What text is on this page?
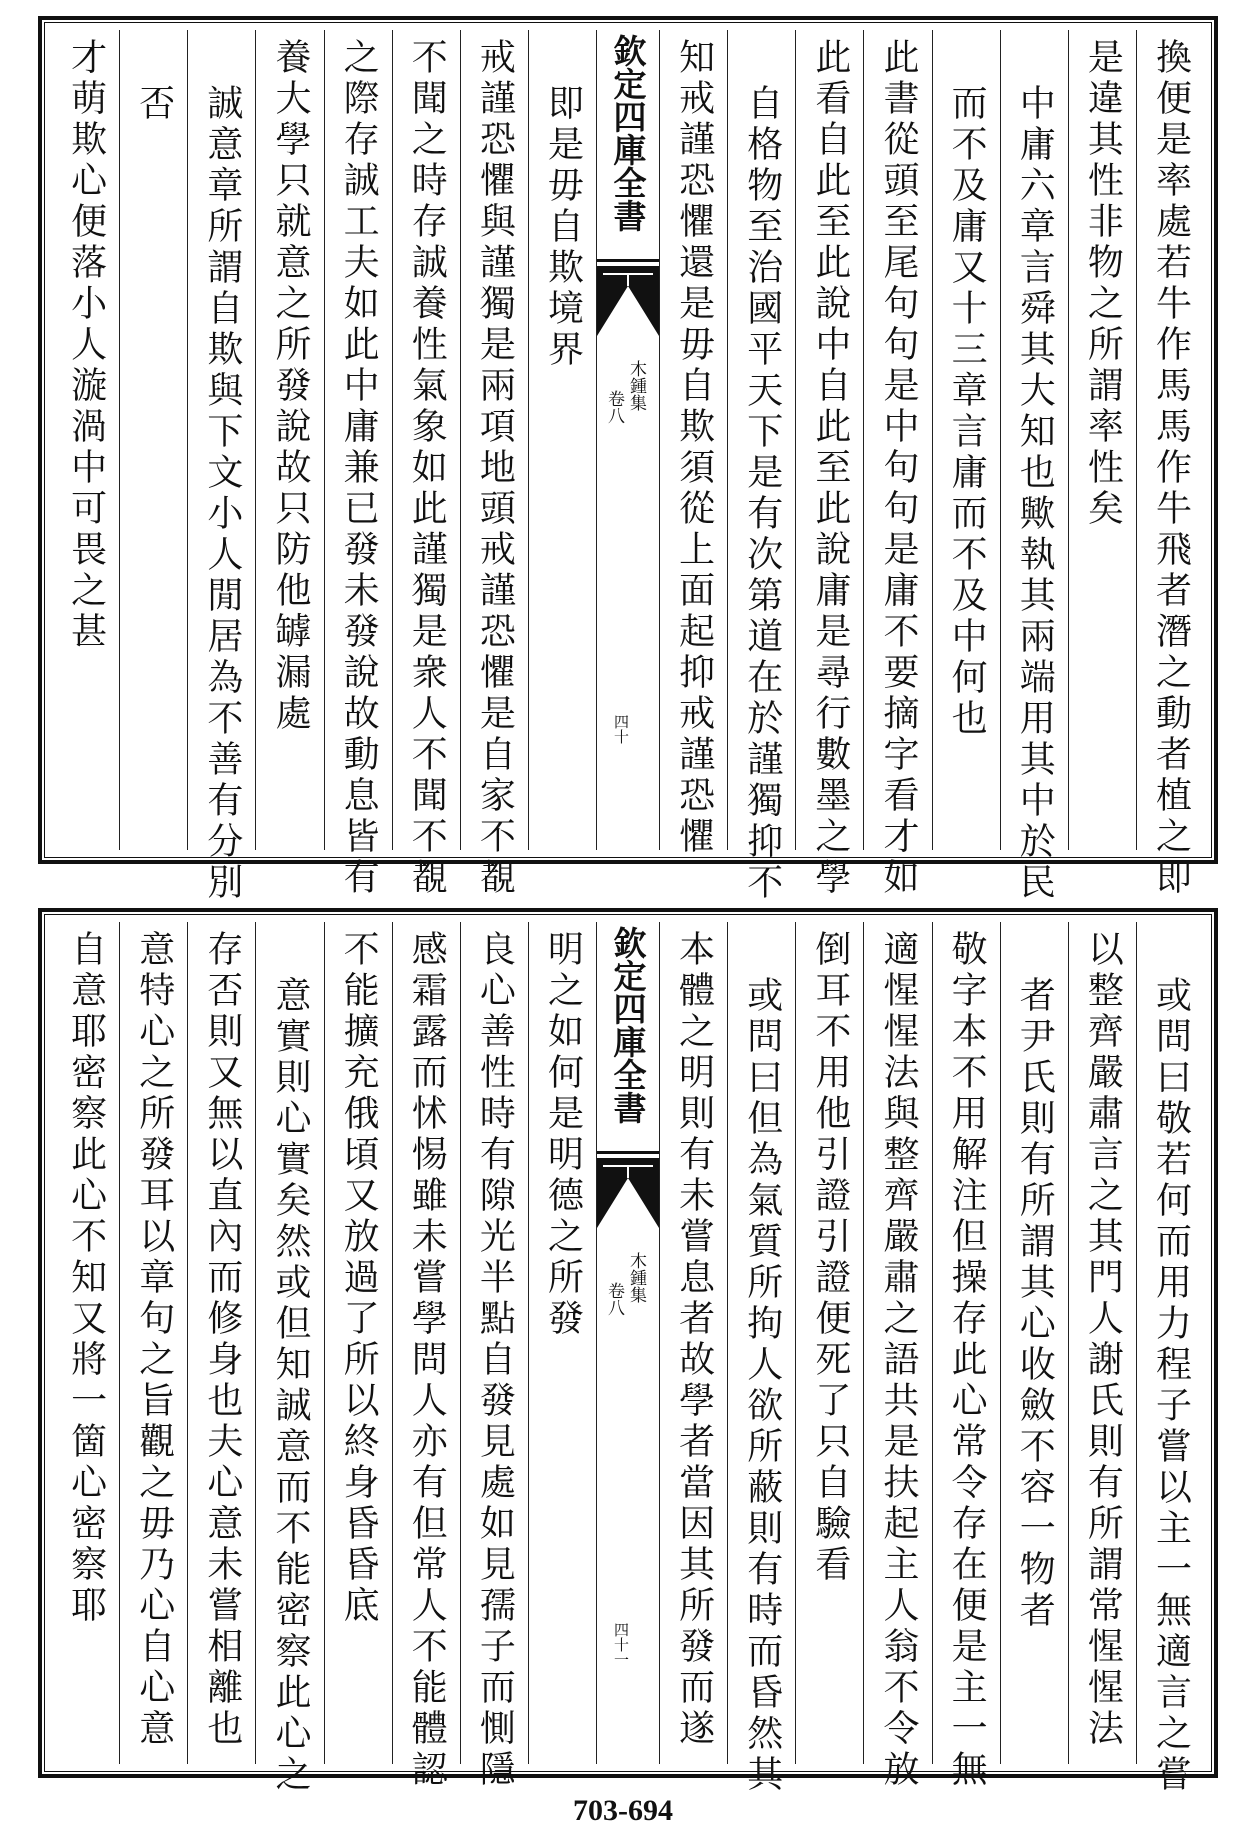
換便是率處若牛作馬馬作牛飛者潛之動者植之即
是違其性非物之所謂率性矣
中庸六章言舜其大知也歟執其兩端用其中於民
而不及庸又十三章言庸而不及中何也
此書從頭至尾句句是中句句是庸不要摘字看才如
此看自此至此說中自此至此說庸是尋行數墨之學
自格物至治國平天下是有次第道在於謹獨抑不
知戒謹恐懼還是毋自欺須從上面起抑戒謹恐懼
欽定四庫全書
木鍾集
卷八
四十
即是毋自欺境界
戒謹恐懼與謹獨是兩項地頭戒謹恐懼是自家不覩
不聞之時存誠養性氣象如此謹獨是衆人不聞不覩
之際存誠工夫如此中庸兼已發未發說故動息皆有
養大學只就意之所發說故只防他罅漏處
誠意章所謂自欺與下文小人閒居為不善有分別
否
才萌欺心便落小人漩渦中可畏之甚
或問曰敬若何而用力程子嘗以主一無適言之嘗
以整齊嚴肅言之其門人謝氏則有所謂常惺惺法
者尹氏則有所謂其心收斂不容一物者
敬字本不用解注但操存此心常令存在便是主一無
適惺惺法與整齊嚴肅之語共是扶起主人翁不令放
倒耳不用他引證引證便死了只自驗看
或問曰但為氣質所拘人欲所蔽則有時而昏然其
本體之明則有未嘗息者故學者當因其所發而遂
欽定四庫全書
木鍾集
卷八
四十一
明之如何是明德之所發
良心善性時有隙光半點自發見處如見孺子而惻隱
感霜露而怵惕雖未嘗學問人亦有但常人不能體認
不能擴充俄頃又放過了所以終身昏昏底
意實則心實矣然或但知誠意而不能密察此心之
存否則又無以直內而修身也夫心意未嘗相離也
意特心之所發耳以章句之旨觀之毋乃心自心意
自意耶密察此心不知又將一箇心密察耶
703-694
